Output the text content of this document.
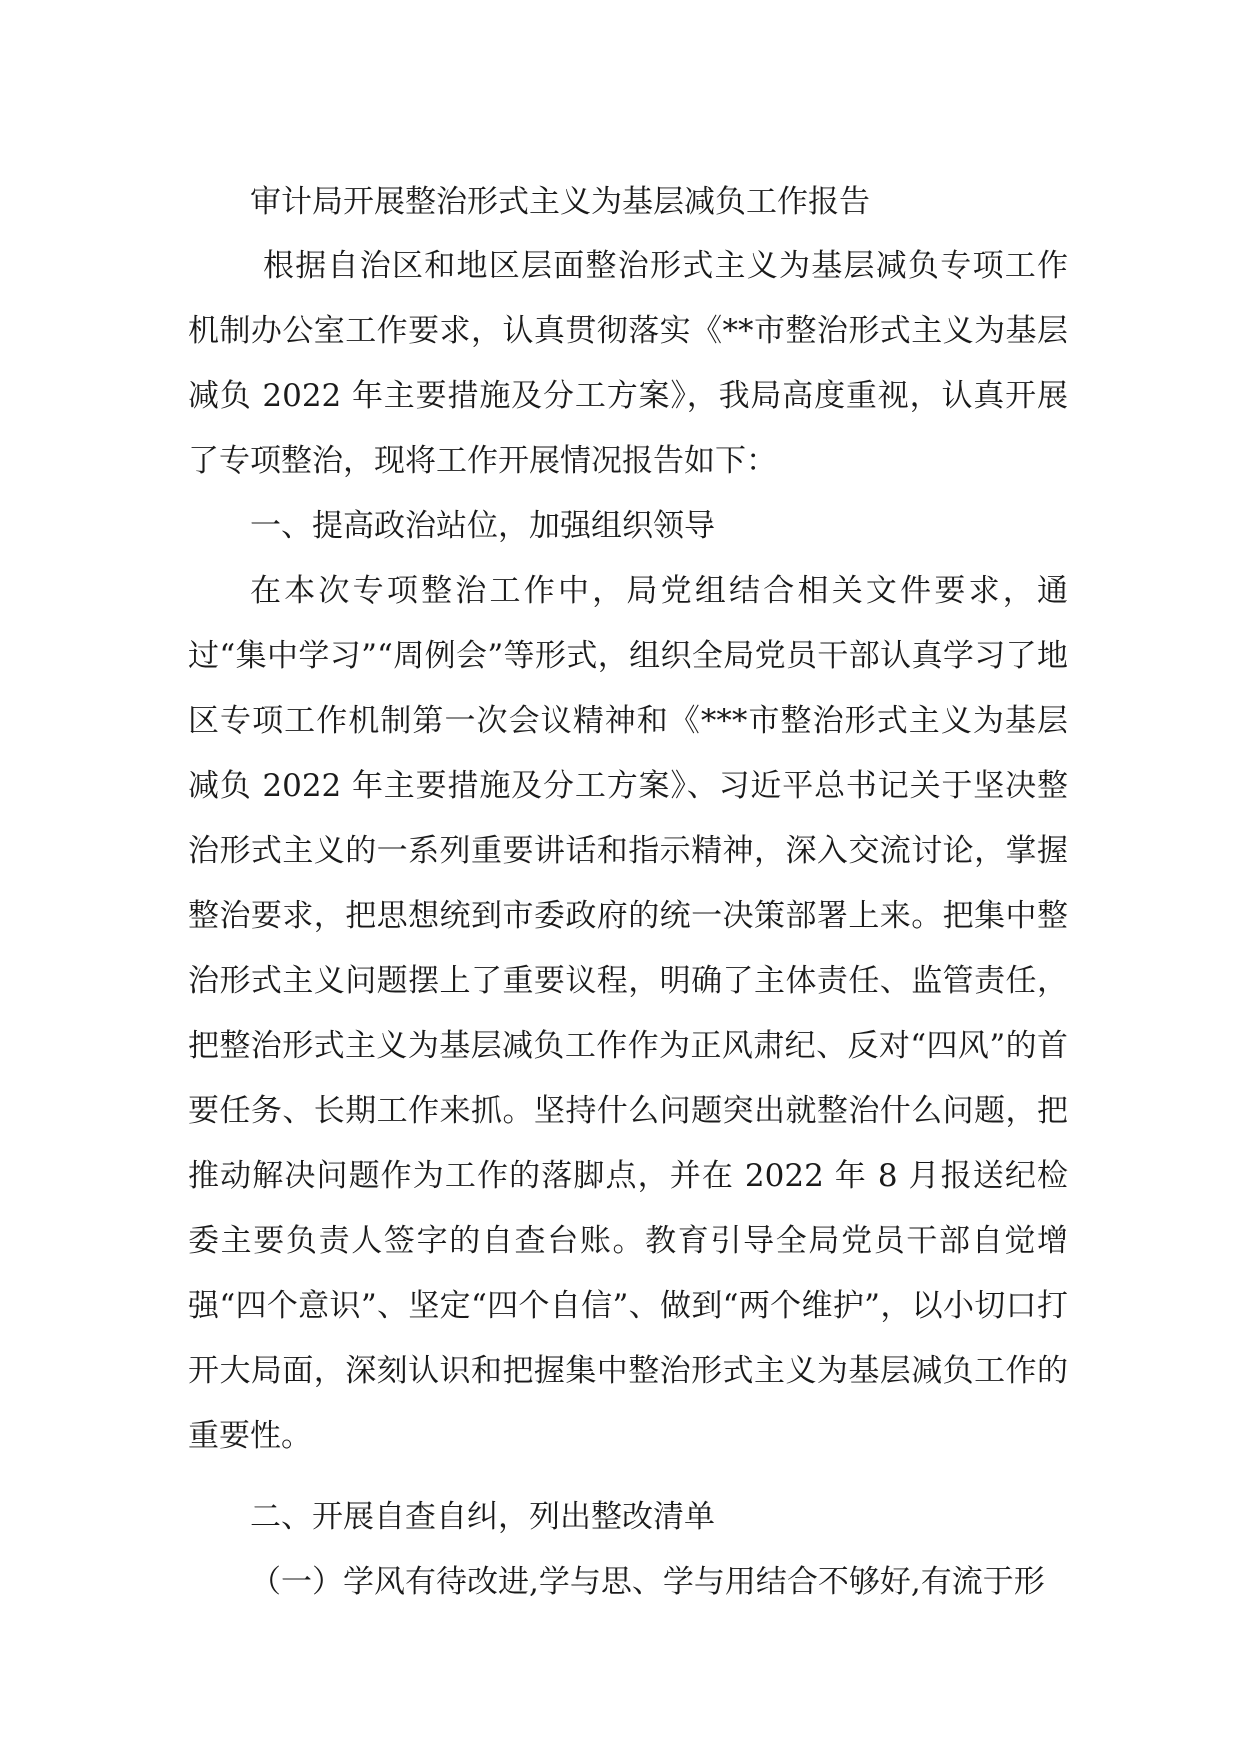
审计局开展整治形式主义为基层减负工作报告

根据自治区和地区层面整治形式主义为基层减负专项工作机制办公室工作要求，认真贯彻落实《**市整治形式主义为基层减负 2022 年主要措施及分工方案》，我局高度重视，认真开展了专项整治，现将工作开展情况报告如下：

一、提高政治站位，加强组织领导

在本次专项整治工作中，局党组结合相关文件要求，通过“集中学习”“周例会”等形式，组织全局党员干部认真学习了地区专项工作机制第一次会议精神和《***市整治形式主义为基层减负 2022 年主要措施及分工方案》、习近平总书记关于坚决整治形式主义的一系列重要讲话和指示精神，深入交流讨论，掌握整治要求，把思想统到市委政府的统一决策部署上来。把集中整治形式主义问题摆上了重要议程，明确了主体责任、监管责任，把整治形式主义为基层减负工作作为正风肃纪、反对“四风”的首要任务、长期工作来抓。坚持什么问题突出就整治什么问题，把推动解决问题作为工作的落脚点，并在 2022 年 8 月报送纪检委主要负责人签字的自查台账。教育引导全局党员干部自觉增强“四个意识”、坚定“四个自信”、做到“两个维护”，以小切口打开大局面，深刻认识和把握集中整治形式主义为基层减负工作的重要性。

二、开展自查自纠，列出整改清单

（一）学风有待改进,学与思、学与用结合不够好,有流于形
